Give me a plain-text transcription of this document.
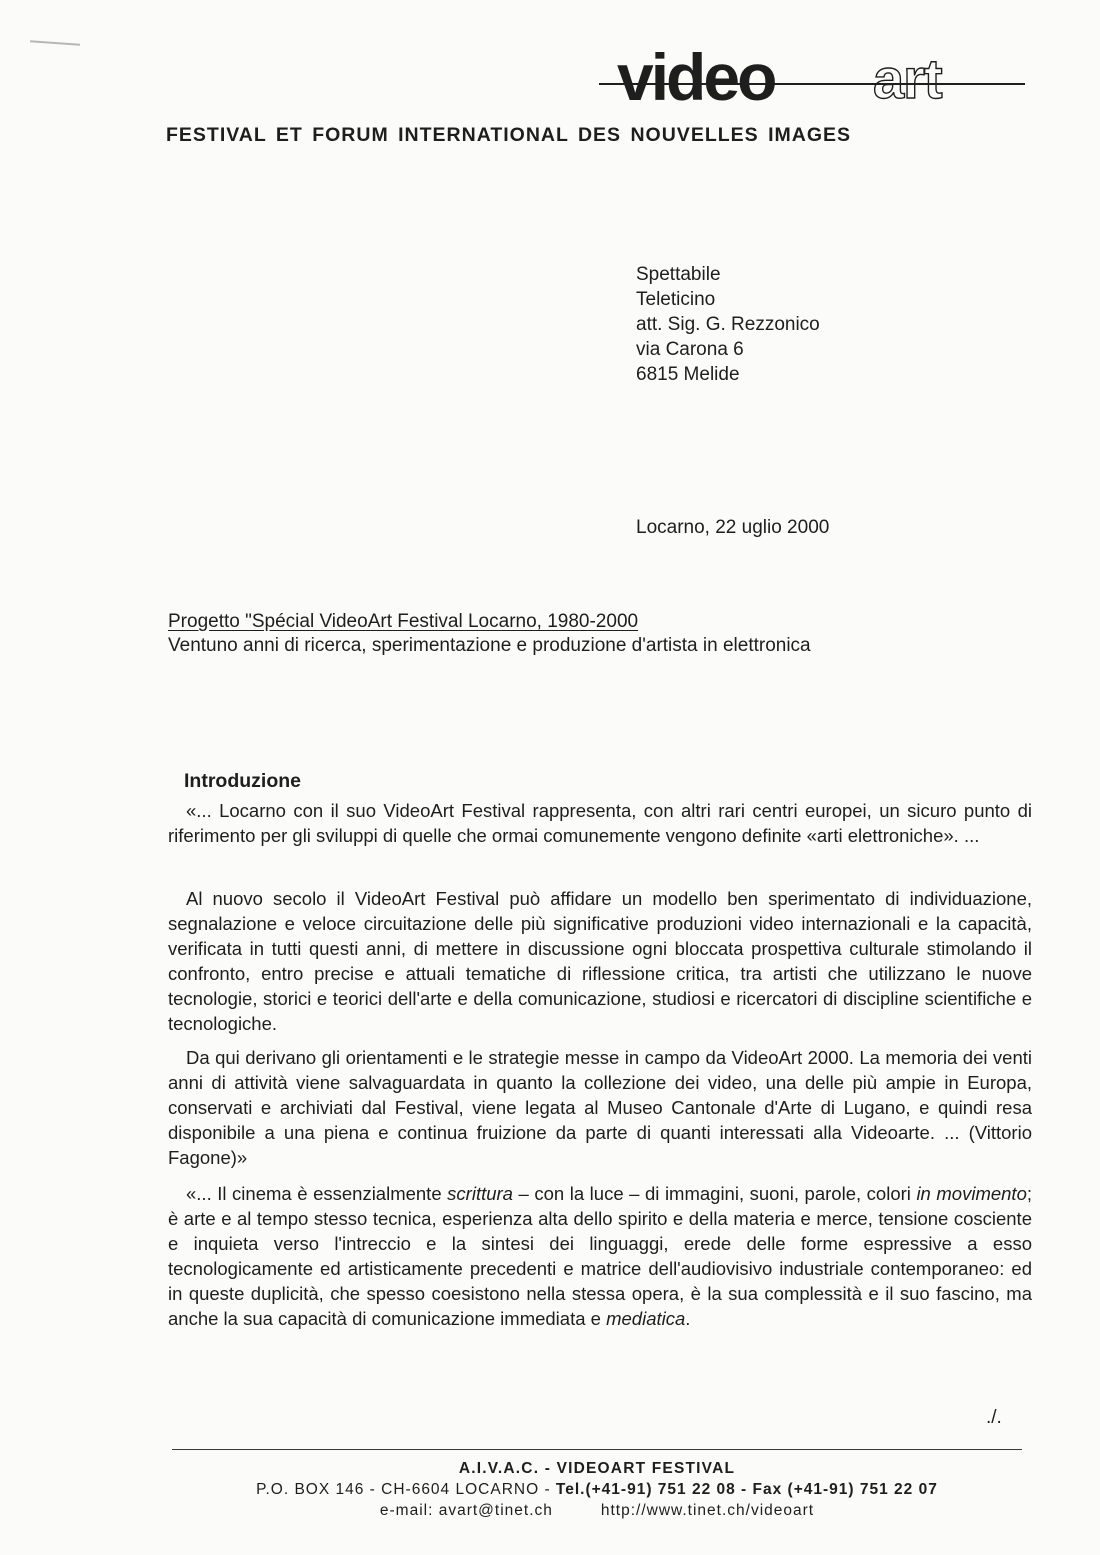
video art
FESTIVAL ET FORUM INTERNATIONAL DES NOUVELLES IMAGES
Spettabile
Teleticino
att. Sig. G. Rezzonico
via Carona 6
6815 Melide
Locarno, 22 uglio 2000
Progetto "Spécial VideoArt Festival Locarno, 1980-2000
Ventuno anni di ricerca, sperimentazione e produzione d'artista in elettronica
Introduzione
«... Locarno con il suo VideoArt Festival rappresenta, con altri rari centri europei, un sicuro punto di riferimento per gli sviluppi di quelle che ormai comunemente vengono definite «arti elettroniche». ...
Al nuovo secolo il VideoArt Festival può affidare un modello ben sperimentato di individuazione, segnalazione e veloce circuitazione delle più significative produzioni video internazionali e la capacità, verificata in tutti questi anni, di mettere in discussione ogni bloccata prospettiva culturale stimolando il confronto, entro precise e attuali tematiche di riflessione critica, tra artisti che utilizzano le nuove tecnologie, storici e teorici dell'arte e della comunicazione, studiosi e ricercatori di discipline scientifiche e tecnologiche.
Da qui derivano gli orientamenti e le strategie messe in campo da VideoArt 2000. La memoria dei venti anni di attività viene salvaguardata in quanto la collezione dei video, una delle più ampie in Europa, conservati e archiviati dal Festival, viene legata al Museo Cantonale d'Arte di Lugano, e quindi resa disponibile a una piena e continua fruizione da parte di quanti interessati alla Videoarte. ... (Vittorio Fagone)»
«... Il cinema è essenzialmente scrittura – con la luce – di immagini, suoni, parole, colori in movimento; è arte e al tempo stesso tecnica, esperienza alta dello spirito e della materia e merce, tensione cosciente e inquieta verso l'intreccio e la sintesi dei linguaggi, erede delle forme espressive a esso tecnologicamente ed artisticamente precedenti e matrice dell'audiovisivo industriale contemporaneo: ed in queste duplicità, che spesso coesistono nella stessa opera, è la sua complessità e il suo fascino, ma anche la sua capacità di comunicazione immediata e mediatica.
./.
A.I.V.A.C. - VIDEOART FESTIVAL
P.O. BOX 146 - CH-6604 LOCARNO - Tel.(+41-91) 751 22 08 - Fax (+41-91) 751 22 07
e-mail: avart@tinet.ch	http://www.tinet.ch/videoart
